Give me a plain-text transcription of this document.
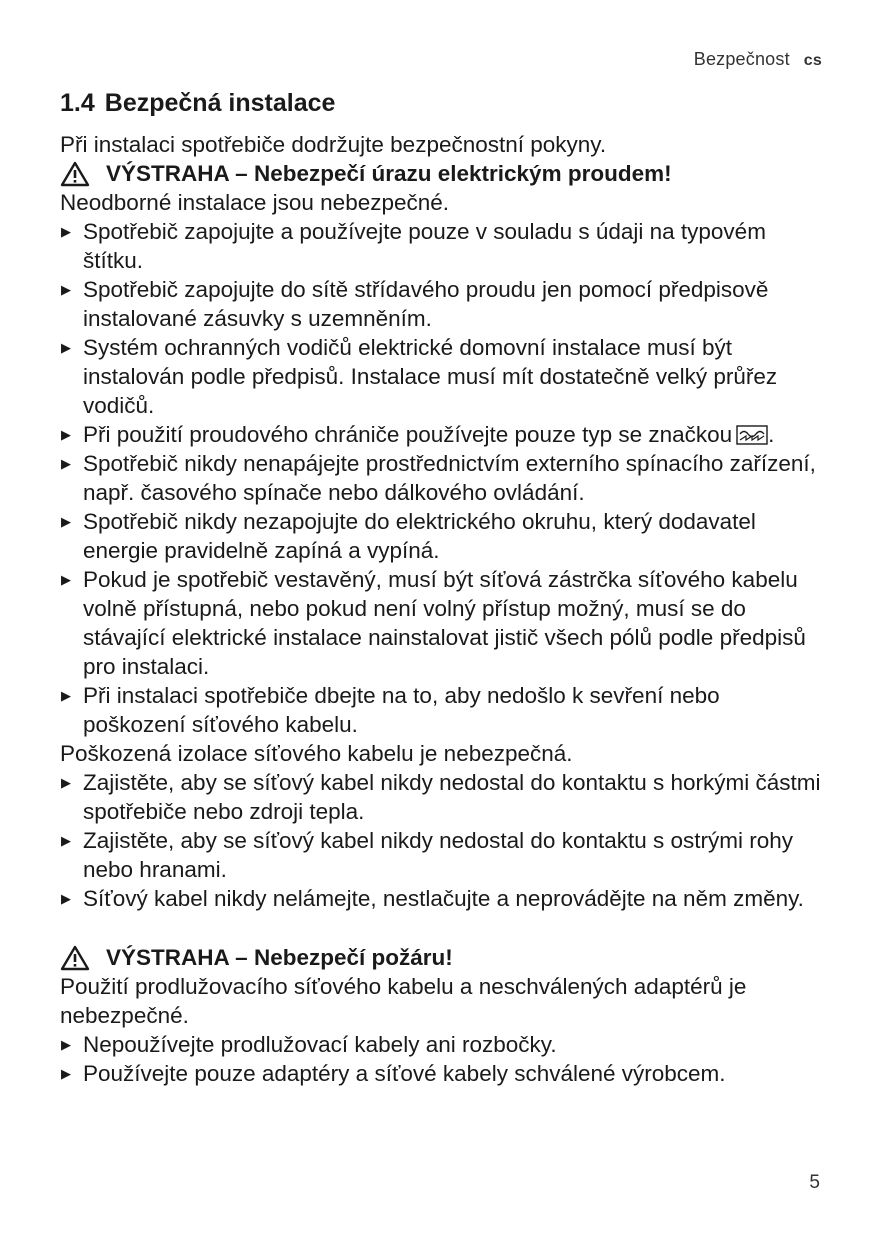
Bezpečnost cs
1.4 Bezpečná instalace

Při instalaci spotřebiče dodržujte bezpečnostní pokyny.

VÝSTRAHA – Nebezpečí úrazu elektrickým proudem!

Neodborné instalace jsou nebezpečné.

▶ Spotřebič zapojujte a používejte pouze v souladu s údaji na typovém štítku.
▶ Spotřebič zapojujte do sítě střídavého proudu jen pomocí předpisově instalované zásuvky s uzemněním.
▶ Systém ochranných vodičů elektrické domovní instalace musí být instalován podle předpisů. Instalace musí mít dostatečně velký průřez vodičů.
▶ Při použití proudového chrániče používejte pouze typ se značkou .
▶ Spotřebič nikdy nenapájejte prostřednictvím externího spínacího zařízení, např. časového spínače nebo dálkového ovládání.
▶ Spotřebič nikdy nezapojujte do elektrického okruhu, který dodavatel energie pravidelně zapíná a vypíná.
▶ Pokud je spotřebič vestavěný, musí být síťová zástrčka síťového kabelu volně přístupná, nebo pokud není volný přístup možný, musí se do stávající elektrické instalace nainstalovat jistič všech pólů podle předpisů pro instalaci.
▶ Při instalaci spotřebiče dbejte na to, aby nedošlo k sevření nebo poškození síťového kabelu.

Poškozená izolace síťového kabelu je nebezpečná.

▶ Zajistěte, aby se síťový kabel nikdy nedostal do kontaktu s horkými částmi spotřebiče nebo zdroji tepla.
▶ Zajistěte, aby se síťový kabel nikdy nedostal do kontaktu s ostrými rohy nebo hranami.
▶ Síťový kabel nikdy nelámejte, nestlačujte a neprovádějte na něm změny.
VÝSTRAHA – Nebezpečí požáru!

Použití prodlužovacího síťového kabelu a neschválených adaptérů je nebezpečné.

▶ Nepoužívejte prodlužovací kabely ani rozbočky.
▶ Používejte pouze adaptéry a síťové kabely schválené výrobcem.
5
